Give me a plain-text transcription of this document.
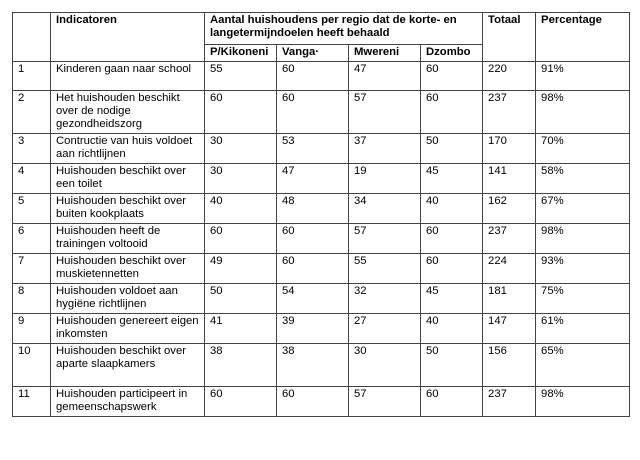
	Indicatoren	Aantal huishoudens per regio dat de korte- en langetermijndoelen heeft behaald				Totaal	Percentage
		P/Kikoneni	Vanga·	Mwereni	Dzombo		
1	Kinderen gaan naar school	55	60	47	60	220	91%
2	Het huishouden beschikt over de nodige gezondheidszorg	60	60	57	60	237	98%
3	Contructie van huis voldoet aan richtlijnen	30	53	37	50	170	70%
4	Huishouden beschikt over een toilet	30	47	19	45	141	58%
5	Huishouden beschikt over buiten kookplaats	40	48	34	40	162	67%
6	Huishouden heeft de trainingen voltooid	60	60	57	60	237	98%
7	Huishouden beschikt over muskietennetten	49	60	55	60	224	93%
8	Huishouden voldoet aan hygiëne richtlijnen	50	54	32	45	181	75%
9	Huishouden genereert eigen inkomsten	41	39	27	40	147	61%
10	Huishouden beschikt over aparte slaapkamers	38	38	30	50	156	65%
11	Huishouden participeert in gemeenschapswerk	60	60	57	60	237	98%
